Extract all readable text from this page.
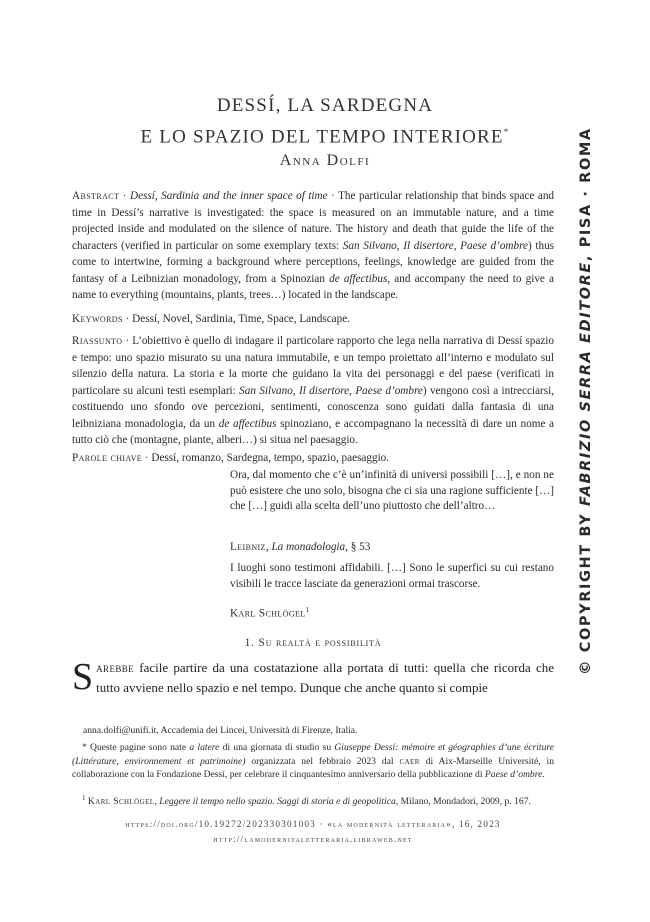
DESSÍ, LA SARDEGNA
E LO SPAZIO DEL TEMPO INTERIORE*
Anna Dolfi
Abstract · Dessí, Sardinia and the inner space of time · The particular relationship that binds space and time in Dessí’s narrative is investigated: the space is measured on an immutable nature, and a time projected inside and modulated on the silence of nature. The history and death that guide the life of the characters (verified in particular on some exemplary texts: San Silvano, Il disertore, Paese d’ombre) thus come to intertwine, forming a background where perceptions, feelings, knowledge are guided from the fantasy of a Leibnizian monadology, from a Spinozian de affectibus, and accompany the need to give a name to everything (mountains, plants, trees…) located in the landscape.
Keywords · Dessí, Novel, Sardinia, Time, Space, Landscape.
Riassunto · L’obiettivo è quello di indagare il particolare rapporto che lega nella narrativa di Dessí spazio e tempo: uno spazio misurato su una natura immutabile, e un tempo proiettato all’interno e modulato sul silenzio della natura. La storia e la morte che guidano la vita dei personaggi e del paese (verificati in particolare su alcuni testi esemplari: San Silvano, Il disertore, Paese d’ombre) vengono così a intrecciarsi, costituendo uno sfondo ove percezioni, sentimenti, conoscenza sono guidati dalla fantasia di una leibniziana monadologia, da un de affectibus spinoziano, e accompagnano la necessità di dare un nome a tutto ciò che (montagne, piante, alberi…) si situa nel paesaggio.
Parole chiave · Dessí, romanzo, Sardegna, tempo, spazio, paesaggio.
Ora, dal momento che c’è un’infinità di universi possibili […], e non ne può esistere che uno solo, bisogna che ci sia una ragione sufficiente […] che […] guidi alla scelta dell’uno piuttosto che dell’altro…
Leibniz, La monadologia, § 53
I luoghi sono testimoni affidabili. […] Sono le superfici su cui restano visibili le tracce lasciate da generazioni ormai trascorse.
Karl Schlögel$^1$
1. Su realtà e possibilità
Sarebbe facile partire da una costatazione alla portata di tutti: quella che ricorda che tutto avviene nello spazio e nel tempo. Dunque che anche quanto si compie
anna.dolfi@unifi.it, Accademia dei Lincei, Università di Firenze, Italia.
* Queste pagine sono nate a latere di una giornata di studio su Giuseppe Dessí: mémoire et géographies d’une écriture (Littérature, environnement et patrimoine) organizzata nel febbraio 2023 dal caer di Aix-Marseille Université, in collaborazione con la Fondazione Dessí, per celebrare il cinquantesimo anniversario della pubblicazione di Paese d’ombre.
$^1$ Karl Schlögel, Leggere il tempo nello spazio. Saggi di storia e di geopolitica, Milano, Mondadori, 2009, p. 167.
https://doi.org/10.19272/202330301003 · «la modernità letteraria», 16, 2023
http://lamodernitaletteraria.libraweb.net
© COPYRIGHT BY FABRIZIO SERRA EDITORE, PISA · ROMA
